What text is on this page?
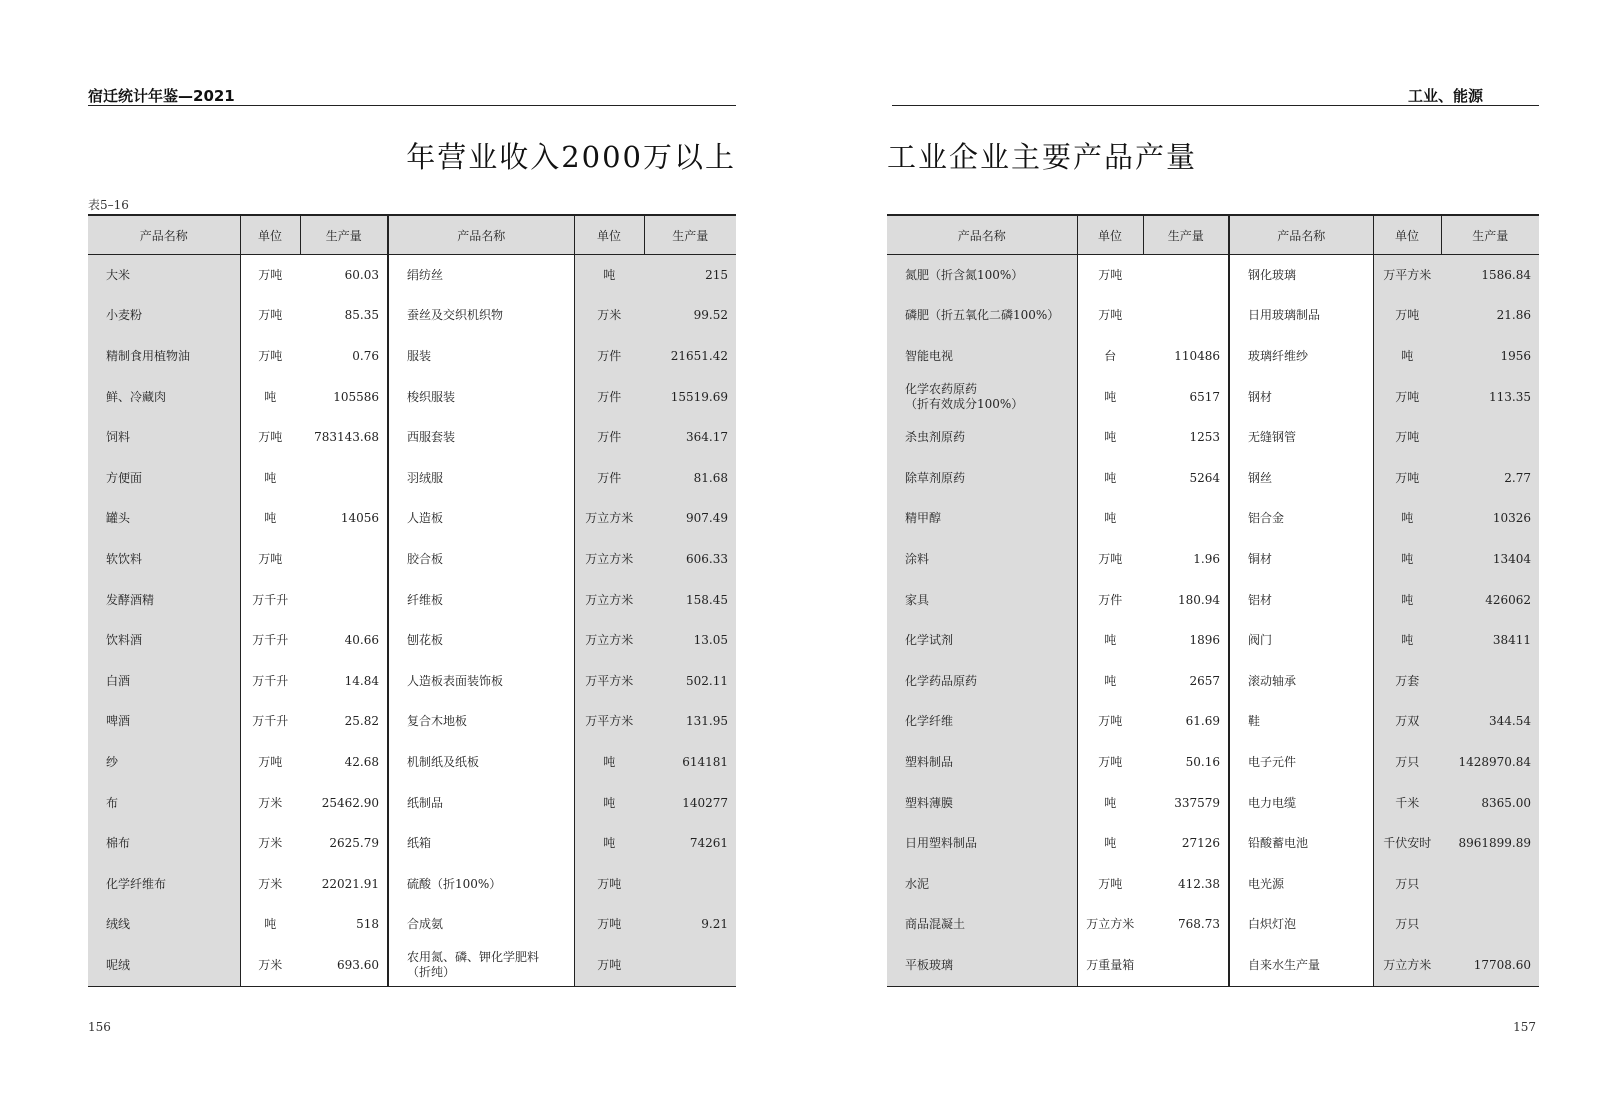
宿迁统计年鉴—2021
年营业收入2000万以上
表5–16
产品名称	单位	生产量	产品名称	单位	生产量
大米	万吨	60.03	绢纺丝	吨	215
小麦粉	万吨	85.35	蚕丝及交织机织物	万米	99.52
精制食用植物油	万吨	0.76	服装	万件	21651.42
鲜、冷藏肉	吨	105586	梭织服装	万件	15519.69
饲料	万吨	783143.68	西服套装	万件	364.17
方便面	吨		羽绒服	万件	81.68
罐头	吨	14056	人造板	万立方米	907.49
软饮料	万吨		胶合板	万立方米	606.33
发酵酒精	万千升		纤维板	万立方米	158.45
饮料酒	万千升	40.66	刨花板	万立方米	13.05
白酒	万千升	14.84	人造板表面装饰板	万平方米	502.11
啤酒	万千升	25.82	复合木地板	万平方米	131.95
纱	万吨	42.68	机制纸及纸板	吨	614181
布	万米	25462.90	纸制品	吨	140277
棉布	万米	2625.79	纸箱	吨	74261
化学纤维布	万米	22021.91	硫酸（折100%）	万吨	
绒线	吨	518	合成氨	万吨	9.21
呢绒	万米	693.60	农用氮、磷、钾化学肥料
（折纯）	万吨	
156
工业、能源
工业企业主要产品产量
产品名称	单位	生产量	产品名称	单位	生产量
氮肥（折含氮100%）	万吨		钢化玻璃	万平方米	1586.84
磷肥（折五氧化二磷100%）	万吨		日用玻璃制品	万吨	21.86
智能电视	台	110486	玻璃纤维纱	吨	1956
化学农药原药
（折有效成分100%）	吨	6517	钢材	万吨	113.35
杀虫剂原药	吨	1253	无缝钢管	万吨	
除草剂原药	吨	5264	钢丝	万吨	2.77
精甲醇	吨		铝合金	吨	10326
涂料	万吨	1.96	铜材	吨	13404
家具	万件	180.94	铝材	吨	426062
化学试剂	吨	1896	阀门	吨	38411
化学药品原药	吨	2657	滚动轴承	万套	
化学纤维	万吨	61.69	鞋	万双	344.54
塑料制品	万吨	50.16	电子元件	万只	1428970.84
塑料薄膜	吨	337579	电力电缆	千米	8365.00
日用塑料制品	吨	27126	铅酸蓄电池	千伏安时	8961899.89
水泥	万吨	412.38	电光源	万只	
商品混凝土	万立方米	768.73	白炽灯泡	万只	
平板玻璃	万重量箱		自来水生产量	万立方米	17708.60
157
